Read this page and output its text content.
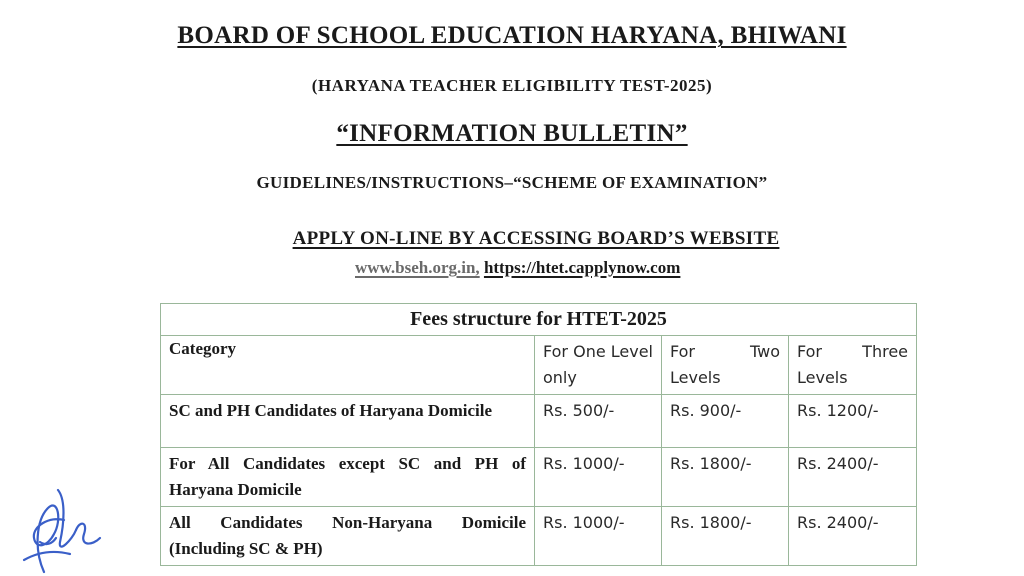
BOARD OF SCHOOL EDUCATION HARYANA, BHIWANI
(HARYANA TEACHER ELIGIBILITY TEST-2025)
“INFORMATION BULLETIN”
GUIDELINES/INSTRUCTIONS–“SCHEME OF EXAMINATION”
APPLY ON-LINE BY ACCESSING BOARD’S WEBSITE
www.bseh.org.in, https://htet.capplynow.com
Fees structure for HTET-2025			
Category	For One Level only	For Two Levels	For Three Levels
SC and PH Candidates of Haryana Domicile	Rs. 500/-	Rs. 900/-	Rs. 1200/-
For All Candidates except SC and PH of Haryana Domicile	Rs. 1000/-	Rs. 1800/-	Rs. 2400/-
All Candidates Non-Haryana Domicile (Including SC & PH)	Rs. 1000/-	Rs. 1800/-	Rs. 2400/-
